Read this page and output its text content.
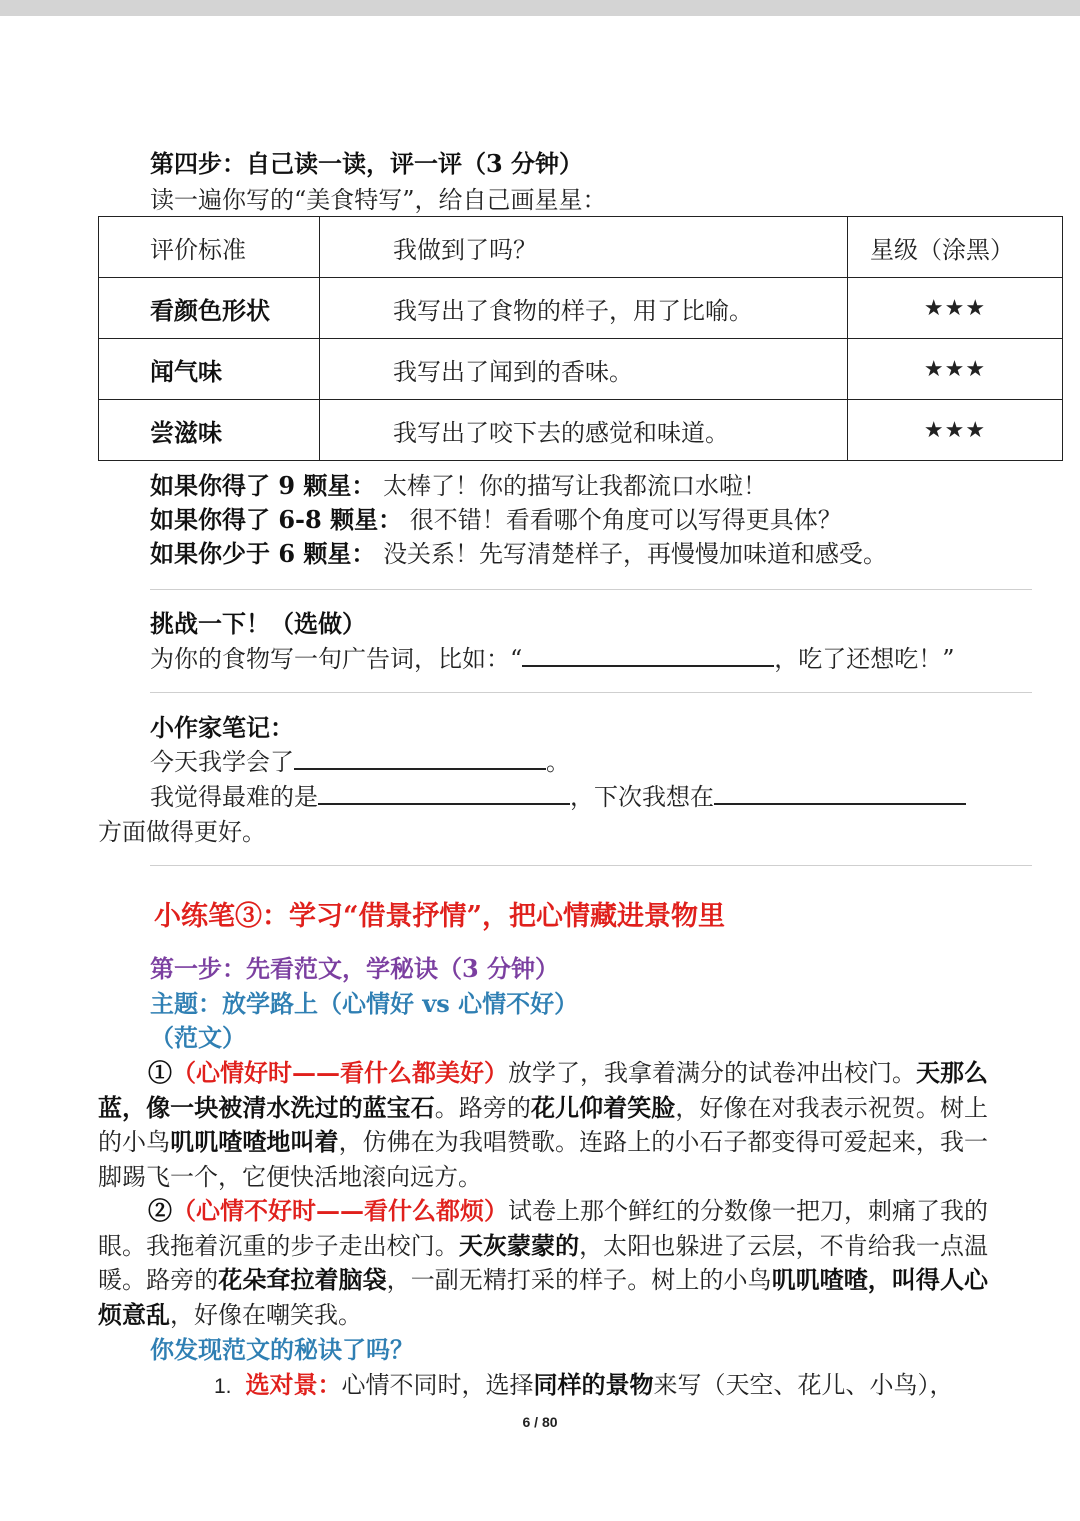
第四步：自己读一读，评一评（3 分钟）
读一遍你写的“美食特写”，给自己画星星：
评价标准	我做到了吗？	星级（涂黑）
看颜色形状	我写出了食物的样子，用了比喻。	★★★
闻气味	我写出了闻到的香味。	★★★
尝滋味	我写出了咬下去的感觉和味道。	★★★
如果你得了 9 颗星： 太棒了！你的描写让我都流口水啦！
如果你得了 6-8 颗星： 很不错！看看哪个角度可以写得更具体？
如果你少于 6 颗星： 没关系！先写清楚样子，再慢慢加味道和感受。
挑战一下！（选做）
为你的食物写一句广告词，比如：“	，吃了还想吃！”
小作家笔记：
今天我学会了	。
我觉得最难的是	，下次我想在
方面做得更好。
小练笔③：学习“借景抒情”，把心情藏进景物里
第一步：先看范文，学秘诀（3 分钟）
主题：放学路上（心情好 vs 心情不好）
（范文）
①（心情好时——看什么都美好）放学了，我拿着满分的试卷冲出校门。天那么蓝，像一块被清水洗过的蓝宝石。路旁的花儿仰着笑脸，好像在对我表示祝贺。树上的小鸟叽叽喳喳地叫着，仿佛在为我唱赞歌。连路上的小石子都变得可爱起来，我一脚踢飞一个，它便快活地滚向远方。
②（心情不好时——看什么都烦）试卷上那个鲜红的分数像一把刀，刺痛了我的眼。我拖着沉重的步子走出校门。天灰蒙蒙的，太阳也躲进了云层，不肯给我一点温暖。路旁的花朵耷拉着脑袋，一副无精打采的样子。树上的小鸟叽叽喳喳，叫得人心烦意乱，好像在嘲笑我。
你发现范文的秘诀了吗？
1. 选对景：心情不同时，选择同样的景物来写（天空、花儿、小鸟），
6 / 80
